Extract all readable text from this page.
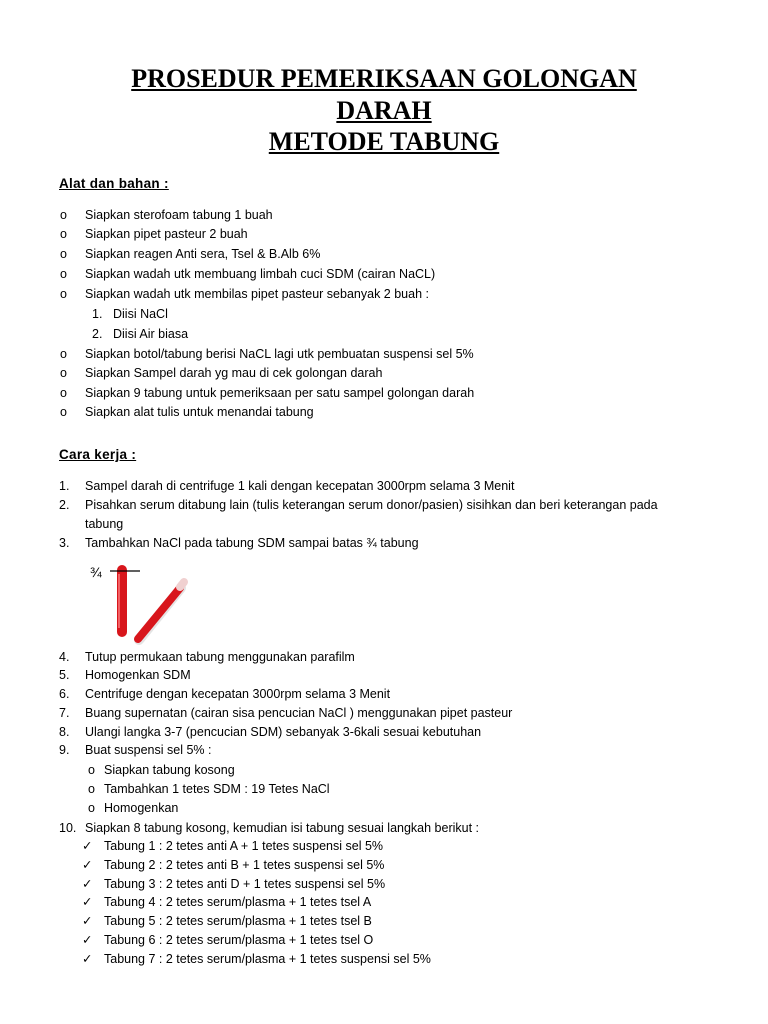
PROSEDUR PEMERIKSAAN GOLONGAN
DARAH
METODE TABUNG
Alat dan bahan :
o Siapkan sterofoam tabung 1 buah
o Siapkan pipet pasteur 2 buah
o Siapkan reagen Anti sera, Tsel & B.Alb 6%
o Siapkan wadah utk membuang limbah cuci SDM (cairan NaCL)
o Siapkan wadah utk membilas pipet pasteur sebanyak 2 buah :
1. Diisi NaCl
2. Diisi Air biasa
o Siapkan botol/tabung berisi NaCL lagi utk pembuatan suspensi sel 5%
o Siapkan Sampel darah yg mau di cek golongan darah
o Siapkan 9 tabung untuk pemeriksaan per satu sampel golongan darah
o Siapkan alat tulis untuk menandai tabung
Cara kerja :
1. Sampel darah di centrifuge 1 kali dengan kecepatan 3000rpm selama 3 Menit
2. Pisahkan serum ditabung lain (tulis keterangan serum donor/pasien) sisihkan dan beri keterangan pada
tabung
3. Tambahkan NaCl pada tabung SDM sampai batas ¾ tabung
¾
4. Tutup permukaan tabung menggunakan parafilm
5. Homogenkan SDM
6. Centrifuge dengan kecepatan 3000rpm selama 3 Menit
7. Buang supernatan (cairan sisa pencucian NaCl ) menggunakan pipet pasteur
8. Ulangi langka 3-7 (pencucian SDM) sebanyak 3-6kali sesuai kebutuhan
9. Buat suspensi sel 5% :
o Siapkan tabung kosong
o Tambahkan 1 tetes SDM : 19 Tetes NaCl
o Homogenkan
10. Siapkan 8 tabung kosong, kemudian isi tabung sesuai langkah berikut :
✓ Tabung 1 : 2 tetes anti A + 1 tetes suspensi sel 5%
✓ Tabung 2 : 2 tetes anti B + 1 tetes suspensi sel 5%
✓ Tabung 3 : 2 tetes anti D + 1 tetes suspensi sel 5%
✓ Tabung 4 : 2 tetes serum/plasma + 1 tetes tsel A
✓ Tabung 5 : 2 tetes serum/plasma + 1 tetes tsel B
✓ Tabung 6 : 2 tetes serum/plasma + 1 tetes tsel O
✓ Tabung 7 : 2 tetes serum/plasma + 1 tetes suspensi sel 5%
